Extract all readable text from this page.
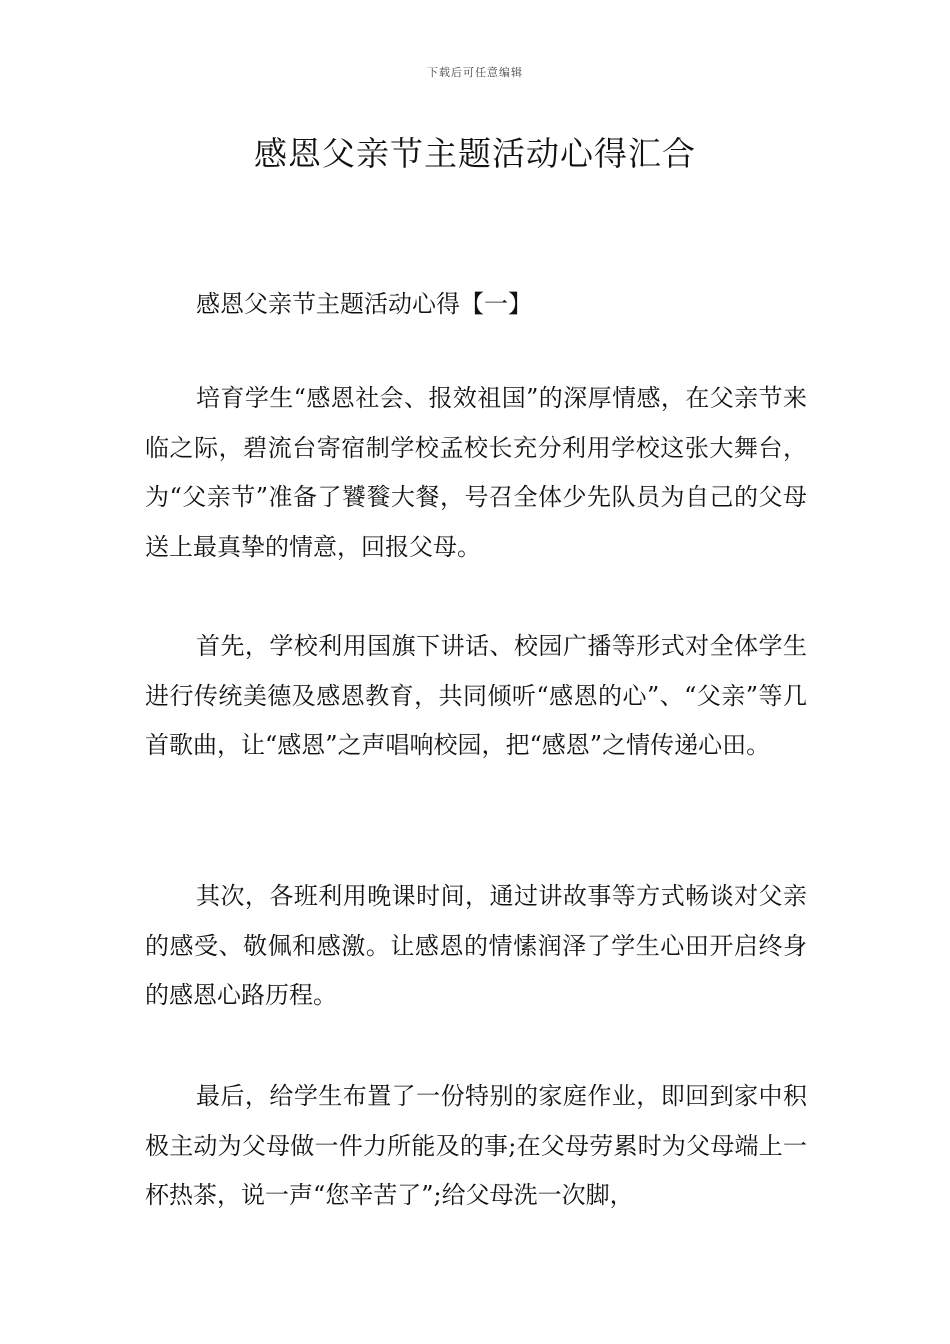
下载后可任意编辑
感恩父亲节主题活动心得汇合
感恩父亲节主题活动心得【一】

培育学生“感恩社会、报效祖国”的深厚情感，在父亲节来临之际，碧流台寄宿制学校孟校长充分利用学校这张大舞台，为“父亲节”准备了饕餮大餐，号召全体少先队员为自己的父母送上最真挚的情意，回报父母。

首先，学校利用国旗下讲话、校园广播等形式对全体学生进行传统美德及感恩教育，共同倾听“感恩的心”、“父亲”等几首歌曲，让“感恩”之声唱响校园，把“感恩”之情传递心田。

其次，各班利用晚课时间，通过讲故事等方式畅谈对父亲的感受、敬佩和感激。让感恩的情愫润泽了学生心田开启终身的感恩心路历程。

最后，给学生布置了一份特别的家庭作业，即回到家中积极主动为父母做一件力所能及的事;在父母劳累时为父母端上一杯热茶，说一声“您辛苦了”;给父母洗一次脚，
